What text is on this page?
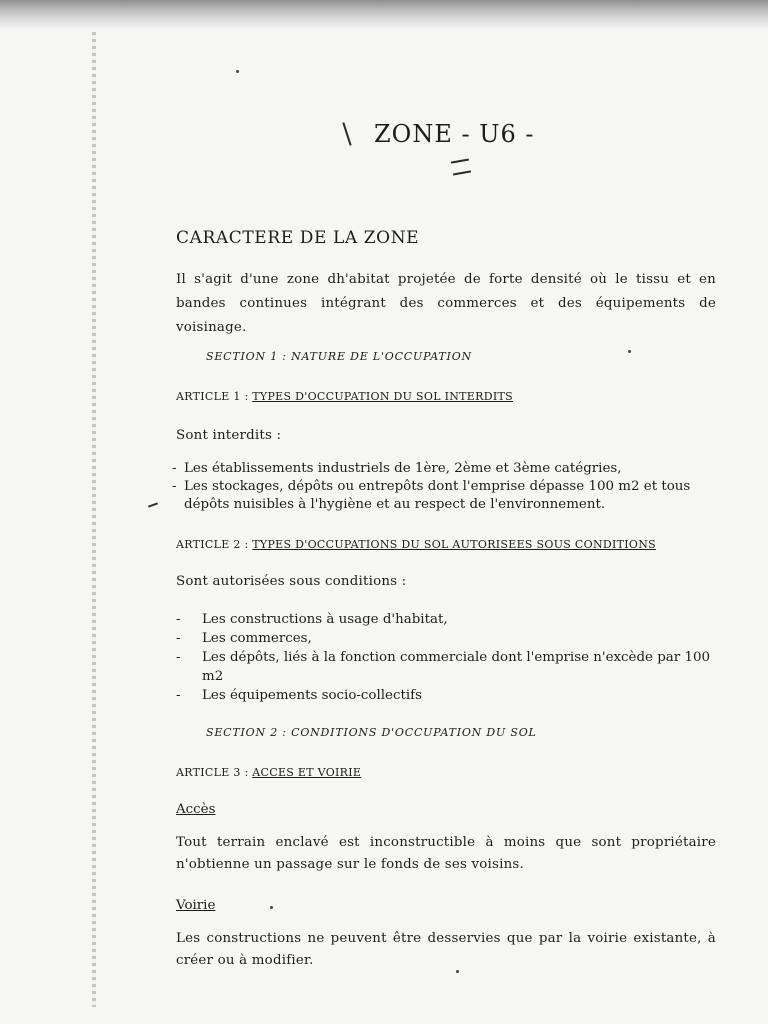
ZONE - U6 -
CARACTERE DE LA ZONE
Il s'agit d'une zone dh'abitat projetée de forte densité où le tissu et en bandes continues intégrant des commerces et des équipements de voisinage.
SECTION 1 : NATURE DE L'OCCUPATION
ARTICLE 1 : TYPES D'OCCUPATION DU SOL INTERDITS
Sont interdits :
- Les établissements industriels de 1ère, 2ème et 3ème catégries,
- Les stockages, dépôts ou entrepôts dont l'emprise dépasse 100 m2 et tous dépôts nuisibles à l'hygiène et au respect de l'environnement.
ARTICLE 2 : TYPES D'OCCUPATIONS DU SOL AUTORISEES SOUS CONDITIONS
Sont autorisées sous conditions :
- Les constructions à usage d'habitat,
- Les commerces,
- Les dépôts, liés à la fonction commerciale dont l'emprise n'excède par 100 m2
- Les équipements socio-collectifs
SECTION 2 : CONDITIONS D'OCCUPATION DU SOL
ARTICLE 3 : ACCES ET VOIRIE
Accès
Tout terrain enclavé est inconstructible à moins que sont propriétaire n'obtienne un passage sur le fonds de ses voisins.
Voirie
Les constructions ne peuvent être desservies que par la voirie existante, à créer ou à modifier.
